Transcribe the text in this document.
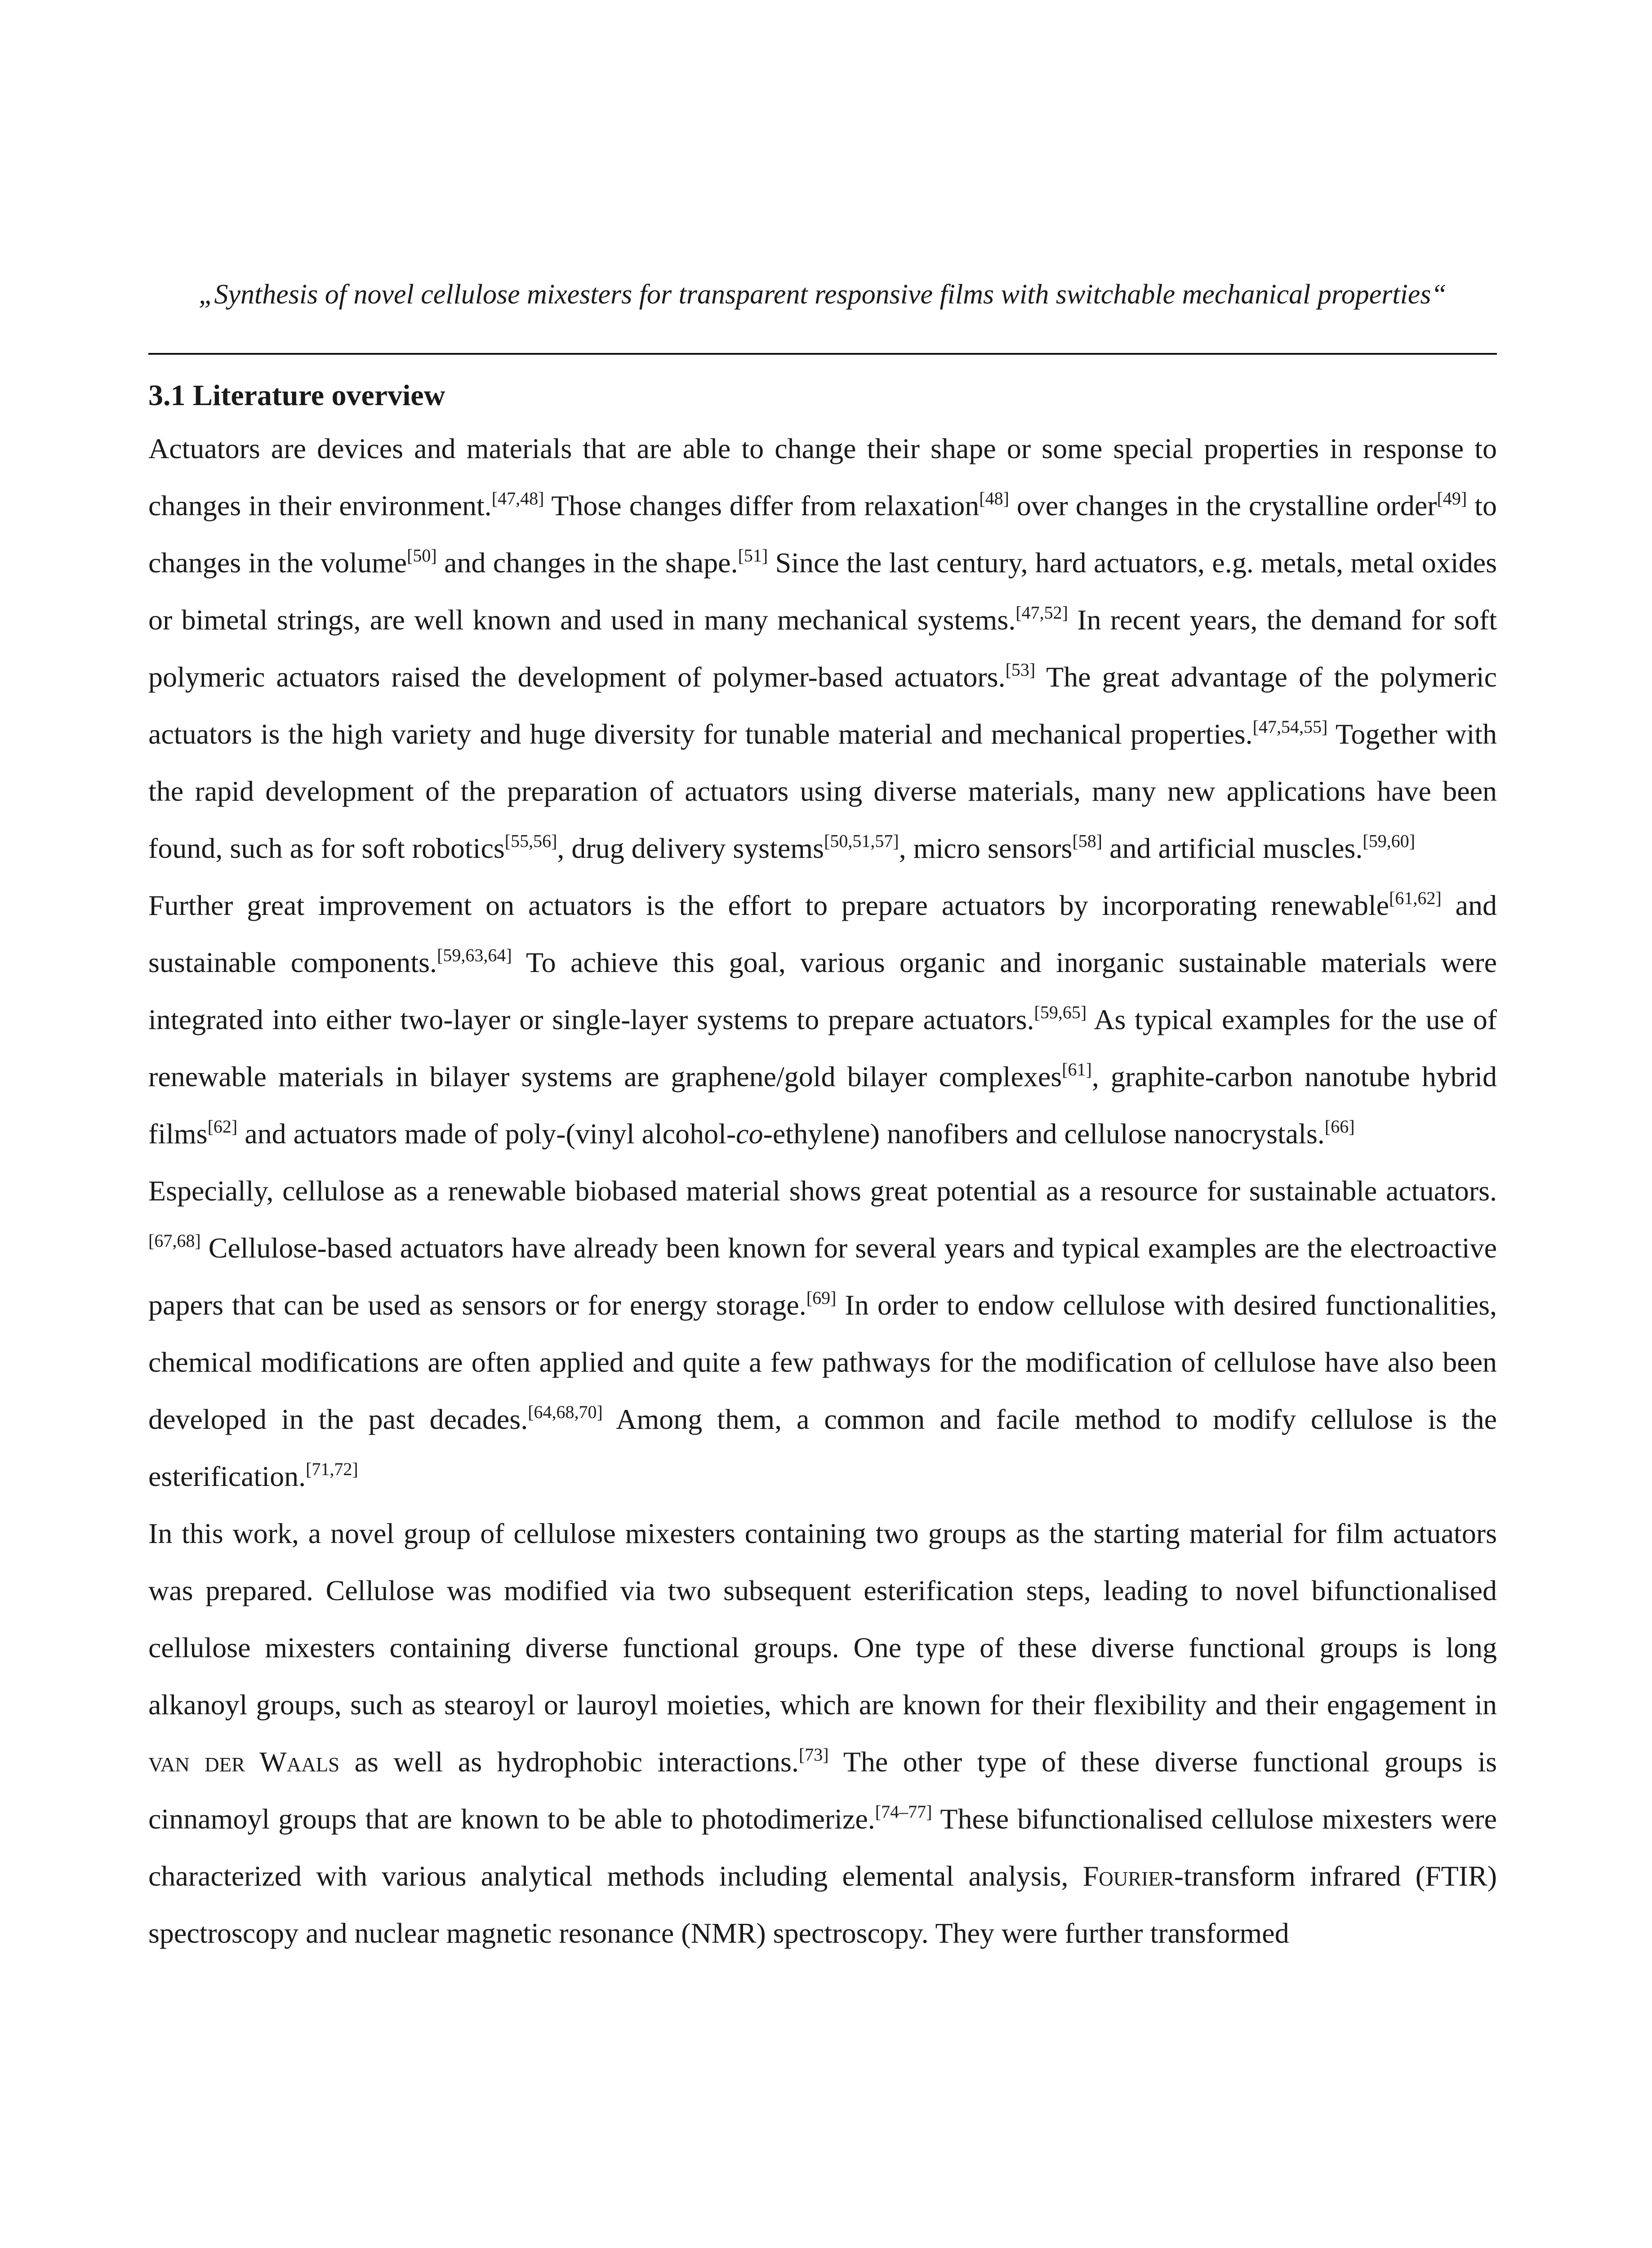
„Synthesis of novel cellulose mixesters for transparent responsive films with switchable mechanical properties“
3.1 Literature overview

Actuators are devices and materials that are able to change their shape or some special properties in response to changes in their environment.[47,48] Those changes differ from relaxation[48] over changes in the crystalline order[49] to changes in the volume[50] and changes in the shape.[51] Since the last century, hard actuators, e.g. metals, metal oxides or bimetal strings, are well known and used in many mechanical systems.[47,52] In recent years, the demand for soft polymeric actuators raised the development of polymer-based actuators.[53] The great advantage of the polymeric actuators is the high variety and huge diversity for tunable material and mechanical properties.[47,54,55] Together with the rapid development of the preparation of actuators using diverse materials, many new applications have been found, such as for soft robotics[55,56], drug delivery systems[50,51,57], micro sensors[58] and artificial muscles.[59,60]

Further great improvement on actuators is the effort to prepare actuators by incorporating renewable[61,62] and sustainable components.[59,63,64] To achieve this goal, various organic and inorganic sustainable materials were integrated into either two-layer or single-layer systems to prepare actuators.[59,65] As typical examples for the use of renewable materials in bilayer systems are graphene/gold bilayer complexes[61], graphite-carbon nanotube hybrid films[62] and actuators made of poly-(vinyl alcohol-co-ethylene) nanofibers and cellulose nanocrystals.[66]

Especially, cellulose as a renewable biobased material shows great potential as a resource for sustainable actuators.[67,68] Cellulose-based actuators have already been known for several years and typical examples are the electroactive papers that can be used as sensors or for energy storage.[69] In order to endow cellulose with desired functionalities, chemical modifications are often applied and quite a few pathways for the modification of cellulose have also been developed in the past decades.[64,68,70] Among them, a common and facile method to modify cellulose is the esterification.[71,72]

In this work, a novel group of cellulose mixesters containing two groups as the starting material for film actuators was prepared. Cellulose was modified via two subsequent esterification steps, leading to novel bifunctionalised cellulose mixesters containing diverse functional groups. One type of these diverse functional groups is long alkanoyl groups, such as stearoyl or lauroyl moieties, which are known for their flexibility and their engagement in van der Waals as well as hydrophobic interactions.[73] The other type of these diverse functional groups is cinnamoyl groups that are known to be able to photodimerize.[74–77] These bifunctionalised cellulose mixesters were characterized with various analytical methods including elemental analysis, Fourier-transform infrared (FTIR) spectroscopy and nuclear magnetic resonance (NMR) spectroscopy. They were further transformed
